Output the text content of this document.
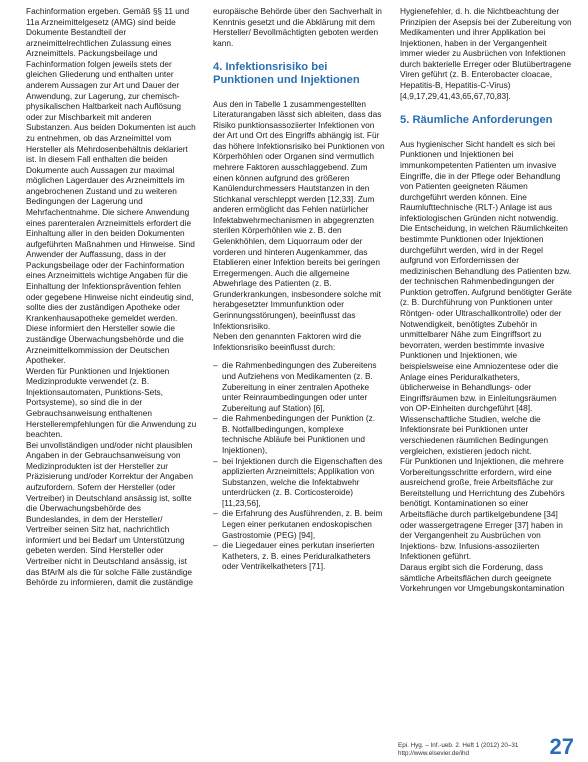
Fachinformation ergeben. Gemäß §§ 11 und 11a Arzneimittelgesetz (AMG) sind beide Dokumente Bestandteil der arzneimittelrechtlichen Zulassung eines Arzneimittels. Packungsbeilage und Fachinformation folgen jeweils stets der gleichen Gliederung und enthalten unter anderem Aussagen zur Art und Dauer der Anwendung, zur Lagerung, zur chemisch-physikalischen Haltbarkeit nach Auflösung oder zur Mischbarkeit mit anderen Substanzen. Aus beiden Dokumenten ist auch zu entnehmen, ob das Arzneimittel vom Hersteller als Mehrdosenbehältnis deklariert ist. In diesem Fall enthalten die beiden Dokumente auch Aussagen zur maximal möglichen Lagerdauer des Arzneimittels im angebrochenen Zustand und zu weiteren Bedingungen der Lagerung und Mehrfachentnahme. Die sichere Anwendung eines parenteralen Arzneimittels erfordert die Einhaltung aller in den beiden Dokumenten aufgeführten Maßnahmen und Hinweise. Sind Anwender der Auffassung, dass in der Packungsbeilage oder der Fachinformation eines Arzneimittels wichtige Angaben für die Einhaltung der Infektionsprävention fehlen oder gegebene Hinweise nicht eindeutig sind, sollte dies der zuständigen Apotheke oder Krankenhausapotheke gemeldet werden. Diese informiert den Hersteller sowie die zuständige Überwachungsbehörde und die Arzneimittelkommission der Deutschen Apotheker.

Werden für Punktionen und Injektionen Medizinprodukte verwendet (z. B. Injektionsautomaten, Punktions-Sets, Portsysteme), so sind die in der Gebrauchsanweisung enthaltenen Herstellerempfehlungen für die Anwendung zu beachten.

Bei unvollständigen und/oder nicht plausiblen Angaben in der Gebrauchsanweisung von Medizinprodukten ist der Hersteller zur Präzisierung und/oder Korrektur der Angaben aufzufordern. Sofern der Hersteller (oder Vertreiber) in Deutschland ansässig ist, sollte die Überwachungsbehörde des Bundeslandes, in dem der Hersteller/ Vertreiber seinen Sitz hat, nachrichtlich informiert und bei Bedarf um Unterstützung gebeten werden. Sind Hersteller oder Vertreiber nicht in Deutschland ansässig, ist das BfArM als die für solche Fälle zuständige Behörde zu informieren, damit die zuständige

europäische Behörde über den Sachverhalt in Kenntnis gesetzt und die Abklärung mit dem Hersteller/ Bevollmächtigten geboten werden kann.

4. Infektionsrisiko bei Punktionen und Injektionen

Aus den in Tabelle 1 zusammengestellten Literaturangaben lässt sich ableiten, dass das Risiko punktionsassoziierter Infektionen von der Art und Ort des Eingriffs abhängig ist. Für das höhere Infektionsrisiko bei Punktionen von Körperhöhlen oder Organen sind vermutlich mehrere Faktoren ausschlaggebend. Zum einen können aufgrund des größeren Kanülendurchmessers Hautstanzen in den Stichkanal verschleppt werden [12,33]. Zum anderen ermöglicht das Fehlen natürlicher Infektabwehrmechanismen in abgegrenzten sterilen Körperhöhlen wie z. B. den Gelenkhöhlen, dem Liquorraum oder der vorderen und hinteren Augenkammer, das Etablieren einer Infektion bereits bei geringen Erregermengen. Auch die allgemeine Abwehrlage des Patienten (z. B. Grunderkrankungen, insbesondere solche mit herabgesetzter Immunfunktion oder Gerinnungsstörungen), beeinflusst das Infektionsrisiko.

Neben den genannten Faktoren wird die Infektionsrisiko beeinflusst durch:

– die Rahmenbedingungen des Zubereitens und Aufziehens von Medikamenten (z. B. Zubereitung in einer zentralen Apotheke unter Reinraumbedingungen oder unter Zubereitung auf Station) [6],
– die Rahmenbedingungen der Punktion (z. B. Notfallbedingungen, komplexe technische Abläufe bei Punktionen und Injektionen),
– bei Injektionen durch die Eigenschaften des applizierten Arzneimittels; Applikation von Substanzen, welche die Infektabwehr unterdrücken (z. B. Corticosteroide) [11,23,56],
– die Erfahrung des Ausführenden, z. B. beim Legen einer perkutanen endoskopischen Gastrostomie (PEG) [94],
– die Liegedauer eines perkutan inserierten Katheters, z. B. eines Periduralkatheters oder Ventrikelkatheters [71].

Hygienefehler, d. h. die Nichtbeachtung der Prinzipien der Asepsis bei der Zubereitung von Medikamenten und ihrer Applikation bei Injektionen, haben in der Vergangenheit immer wieder zu Ausbrüchen von Infektionen durch bakterielle Erreger oder Blutübertragene Viren geführt (z. B. Enterobacter cloacae, Hepatitis-B, Hepatitis-C-Virus) [4,9,17,29,41,43,65,67,70,83].

5. Räumliche Anforderungen

Aus hygienischer Sicht handelt es sich bei Punktionen und Injektionen bei immunkompetenten Patienten um invasive Eingriffe, die in der Pflege oder Behandlung von Patienten geeigneten Räumen durchgeführt werden können. Eine Raumlufttechnische (RLT-) Anlage ist aus infektiologischen Gründen nicht notwendig. Die Entscheidung, in welchen Räumlichkeiten bestimmte Punktionen oder Injektionen durchgeführt werden, wird in der Regel aufgrund von Erfordernissen der medizinischen Behandlung des Patienten bzw. der technischen Rahmenbedingungen der Punktion getroffen. Aufgrund benötigter Geräte (z. B. Durchführung von Punktionen unter Röntgen- oder Ultraschallkontrolle) oder der Notwendigkeit, benötigtes Zubehör in unmittelbarer Nähe zum Eingriffsort zu bevorraten, werden bestimmte invasive Punktionen und Injektionen, wie beispielsweise eine Amniozentese oder die Anlage eines Periduralkatheters, üblicherweise in Behandlungs- oder Eingriffsräumen bzw. in Einleitungsräumen von OP-Einheiten durchgeführt [48]. Wissenschaftliche Studien, welche die Infektionsrate bei Punktionen unter verschiedenen räumlichen Bedingungen vergleichen, existieren jedoch nicht.

Für Punktionen und Injektionen, die mehrere Vorbereitungsschritte erfordern, wird eine ausreichend große, freie Arbeitsfläche zur Bereitstellung und Herrichtung des Zubehörs benötigt. Kontaminationen so einer Arbeitsfläche durch partikelgebundene [34] oder wassergetragene Erreger [37] haben in der Vergangenheit zu Ausbrüchen von Injektions- bzw. Infusions-assoziierten Infektionen geführt.

Daraus ergibt sich die Forderung, dass sämtliche Arbeitsflächen durch geeignete Vorkehrungen vor Umgebungskontamination

Epi. Hyg. – Inf.-ueb. 2. Heft 1 (2012) 20–31 http://www.elsevier.de/ihd	27
